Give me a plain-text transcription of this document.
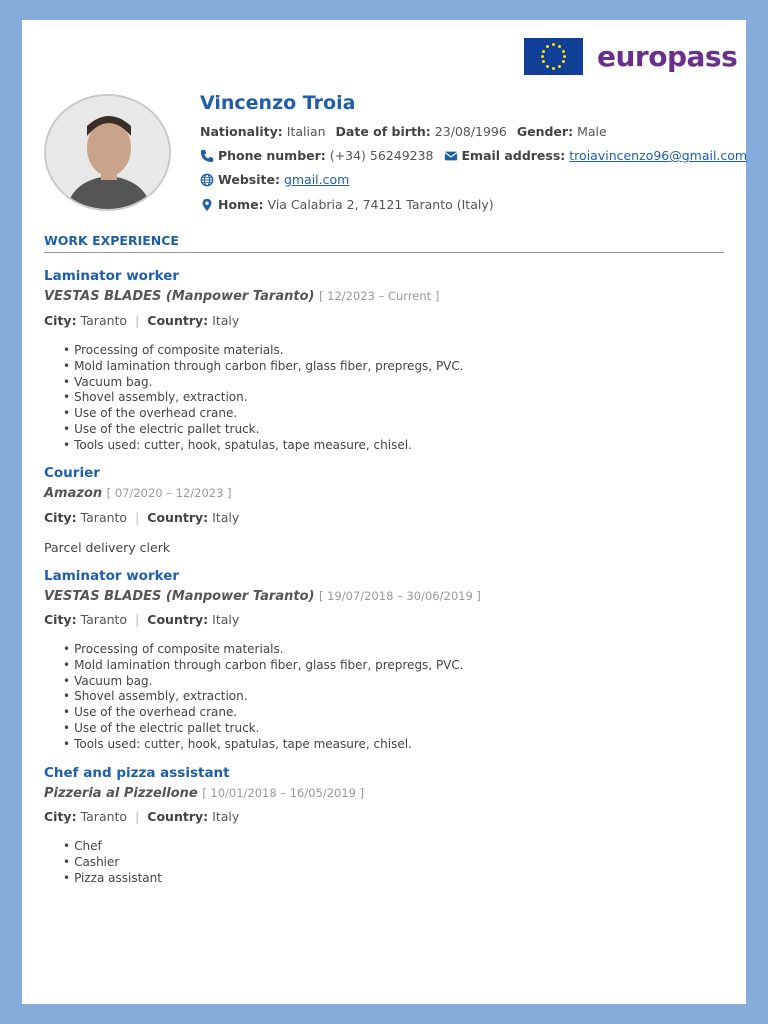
europass
Vincenzo Troia
Nationality:
Italian Date of birth:
23/08/1996 Gender:
Male
Phone number:
(+34) 56249238 Email address:
troiavincenzo96@gmail.com
Website:
gmail.com
Home:
Via Calabria 2, 74121 Taranto (Italy)
WORK EXPERIENCE
Laminator worker
VESTAS BLADES (Manpower Taranto) [ 12/2023 – Current ]
City: Taranto | Country: Italy
• Processing of composite materials.
• Mold lamination through carbon fiber, glass fiber, prepregs, PVC.
• Vacuum bag.
• Shovel assembly, extraction.
• Use of the overhead crane.
• Use of the electric pallet truck.
• Tools used: cutter, hook, spatulas, tape measure, chisel.
Courier
Amazon [ 07/2020 – 12/2023 ]
City: Taranto | Country: Italy
Parcel delivery clerk
Laminator worker
VESTAS BLADES (Manpower Taranto) [ 19/07/2018 – 30/06/2019 ]
City: Taranto | Country: Italy
• Processing of composite materials.
• Mold lamination through carbon fiber, glass fiber, prepregs, PVC.
• Vacuum bag.
• Shovel assembly, extraction.
• Use of the overhead crane.
• Use of the electric pallet truck.
• Tools used: cutter, hook, spatulas, tape measure, chisel.
Chef and pizza assistant
Pizzeria al Pizzellone [ 10/01/2018 – 16/05/2019 ]
City: Taranto | Country: Italy
• Chef
• Cashier
• Pizza assistant
